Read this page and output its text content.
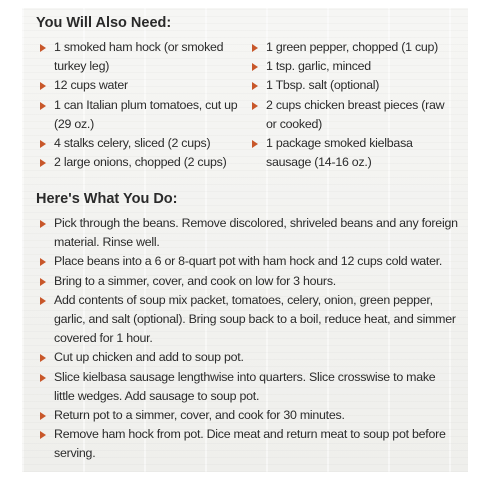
You Will Also Need:
1 smoked ham hock (or smoked turkey leg)
12 cups water
1 can Italian plum tomatoes, cut up (29 oz.)
4 stalks celery, sliced (2 cups)
2 large onions, chopped (2 cups)
1 green pepper, chopped (1 cup)
1 tsp. garlic, minced
1 Tbsp. salt (optional)
2 cups chicken breast pieces (raw or cooked)
1 package smoked kielbasa sausage (14-16 oz.)
Here's What You Do:
Pick through the beans. Remove discolored, shriveled beans and any foreign material. Rinse well.
Place beans into a 6 or 8-quart pot with ham hock and 12 cups cold water.
Bring to a simmer, cover, and cook on low for 3 hours.
Add contents of soup mix packet, tomatoes, celery, onion, green pepper, garlic, and salt (optional). Bring soup back to a boil, reduce heat, and simmer covered for 1 hour.
Cut up chicken and add to soup pot.
Slice kielbasa sausage lengthwise into quarters. Slice crosswise to make little wedges. Add sausage to soup pot.
Return pot to a simmer, cover, and cook for 30 minutes.
Remove ham hock from pot. Dice meat and return meat to soup pot before serving.
